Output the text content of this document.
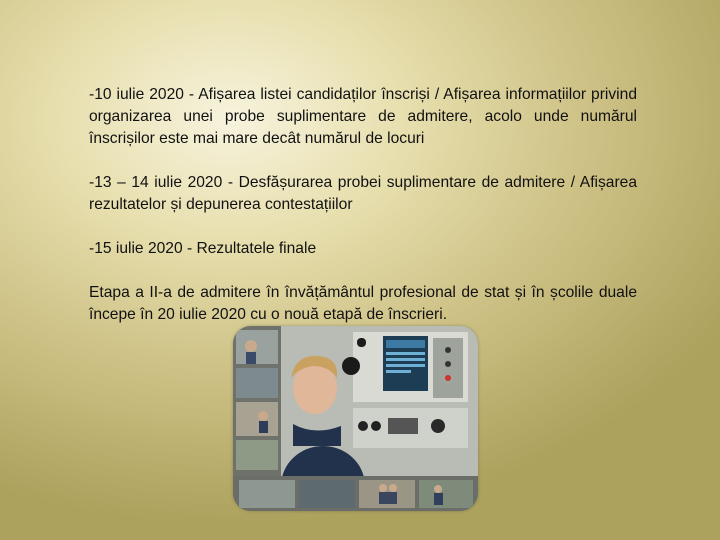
-10 iulie 2020 - Afișarea listei candidaților înscriși / Afișarea informațiilor privind organizarea unei probe suplimentare de admitere, acolo unde numărul înscrișilor este mai mare decât numărul de locuri

-13 – 14 iulie 2020 - Desfășurarea probei suplimentare de admitere / Afișarea rezultatelor și depunerea contestațiilor

-15 iulie 2020 - Rezultatele finale

Etapa a II-a de admitere în învățământul profesional de stat și în școlile duale începe în 20 iulie 2020 cu o nouă etapă de înscrieri.
